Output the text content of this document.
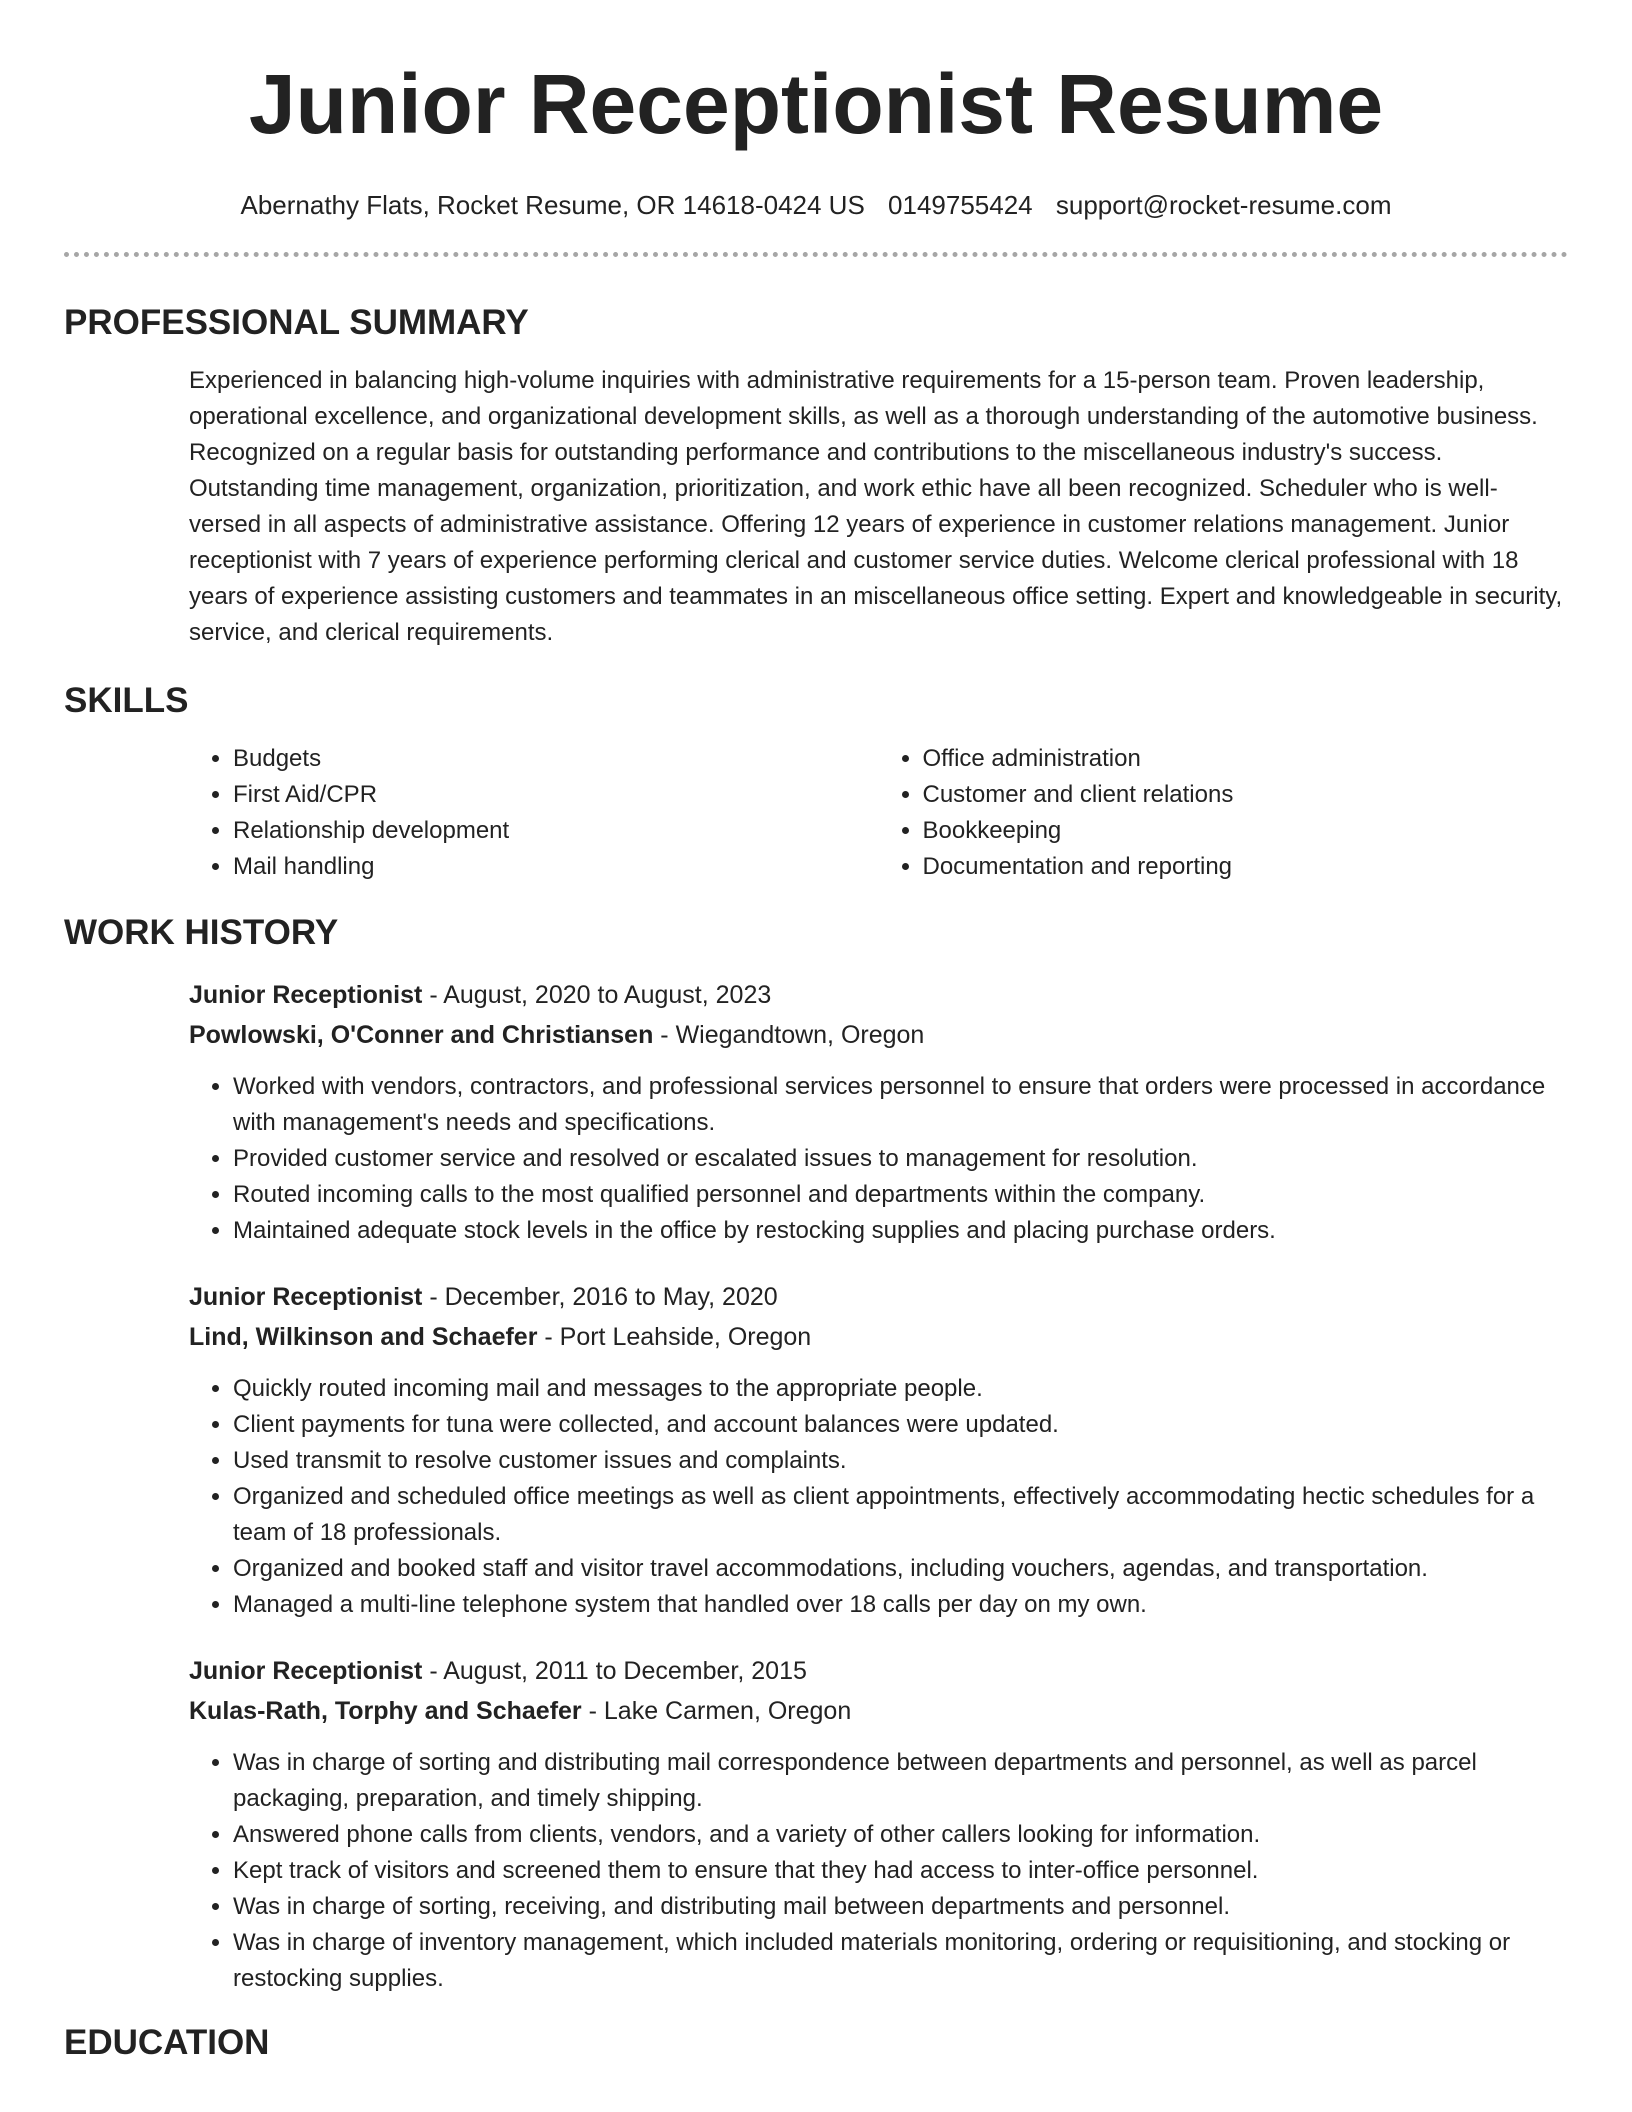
Junior Receptionist Resume
Abernathy Flats, Rocket Resume, OR 14618-0424 US 0149755424 support@rocket-resume.com
PROFESSIONAL SUMMARY
Experienced in balancing high-volume inquiries with administrative requirements for a 15-person team. Proven leadership, operational excellence, and organizational development skills, as well as a thorough understanding of the automotive business. Recognized on a regular basis for outstanding performance and contributions to the miscellaneous industry's success. Outstanding time management, organization, prioritization, and work ethic have all been recognized. Scheduler who is well-versed in all aspects of administrative assistance. Offering 12 years of experience in customer relations management. Junior receptionist with 7 years of experience performing clerical and customer service duties. Welcome clerical professional with 18 years of experience assisting customers and teammates in an miscellaneous office setting. Expert and knowledgeable in security, service, and clerical requirements.
SKILLS
• Budgets
• First Aid/CPR
• Relationship development
• Mail handling
• Office administration
• Customer and client relations
• Bookkeeping
• Documentation and reporting
WORK HISTORY
Junior Receptionist - August, 2020 to August, 2023
Powlowski, O'Conner and Christiansen - Wiegandtown, Oregon
• Worked with vendors, contractors, and professional services personnel to ensure that orders were processed in accordance with management's needs and specifications.
• Provided customer service and resolved or escalated issues to management for resolution.
• Routed incoming calls to the most qualified personnel and departments within the company.
• Maintained adequate stock levels in the office by restocking supplies and placing purchase orders.
Junior Receptionist - December, 2016 to May, 2020
Lind, Wilkinson and Schaefer - Port Leahside, Oregon
• Quickly routed incoming mail and messages to the appropriate people.
• Client payments for tuna were collected, and account balances were updated.
• Used transmit to resolve customer issues and complaints.
• Organized and scheduled office meetings as well as client appointments, effectively accommodating hectic schedules for a team of 18 professionals.
• Organized and booked staff and visitor travel accommodations, including vouchers, agendas, and transportation.
• Managed a multi-line telephone system that handled over 18 calls per day on my own.
Junior Receptionist - August, 2011 to December, 2015
Kulas-Rath, Torphy and Schaefer - Lake Carmen, Oregon
• Was in charge of sorting and distributing mail correspondence between departments and personnel, as well as parcel packaging, preparation, and timely shipping.
• Answered phone calls from clients, vendors, and a variety of other callers looking for information.
• Kept track of visitors and screened them to ensure that they had access to inter-office personnel.
• Was in charge of sorting, receiving, and distributing mail between departments and personnel.
• Was in charge of inventory management, which included materials monitoring, ordering or requisitioning, and stocking or restocking supplies.
EDUCATION
